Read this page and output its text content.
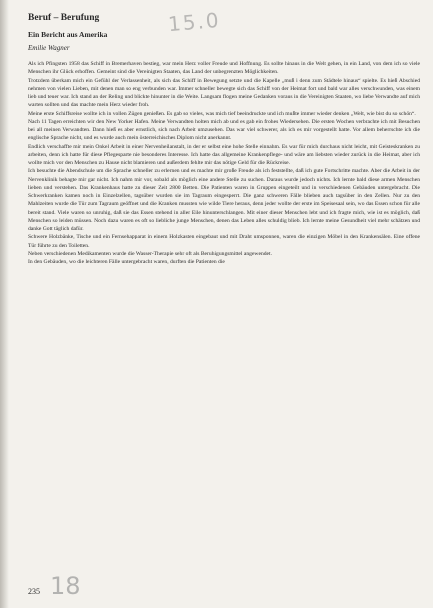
15.0
Beruf – Berufung
Ein Bericht aus Amerika
Emilie Wagner

Als ich Pfingsten 1958 das Schiff in Bremerhaven bestieg, war mein Herz voller Freude und Hoffnung. Es sollte hinaus in die Welt gehen, in ein Land, von dem ich so viele Menschen ihr Glück erhoffen. Gemeint sind die Vereinigten Staaten, das Land der unbegrenzten Möglichkeiten.

Trotzdem überkam mich ein Gefühl der Verlassenheit, als sich das Schiff in Bewegung setzte und die Kapelle „muß i denn zum Städtele hinaus“ spielte. Es hieß Abschied nehmen von vielen Lieben, mit denen man so eng verbunden war. Immer schneller bewegte sich das Schiff von der Heimat fort und bald war alles verschwunden, was einem lieb und teuer war. Ich stand an der Reling und blickte hinunter in die Weite. Langsam flogen meine Gedanken voraus in die Vereinigten Staaten, wo liebe Verwandte auf mich warten sollten und das machte mein Herz wieder froh.

Meine erste Schiffsreise wollte ich in vollen Zügen genießen. Es gab so vieles, was mich tief beeindruckte und ich mußte immer wieder denken „Welt, wie bist du so schön“.

Nach 11 Tagen erreichten wir den New Yorker Hafen. Meine Verwandten holten mich ab und es gab ein frohes Wiedersehen. Die ersten Wochen verbrachte ich mit Besuchen bei all meinen Verwandten. Dann hieß es aber ernstlich, sich nach Arbeit umzusehen. Das war viel schwerer, als ich es mir vorgestellt hatte. Vor allem beherrschte ich die englische Sprache nicht, und es wurde auch mein österreichisches Diplom nicht anerkannt.

Endlich verschaffte mir mein Onkel Arbeit in einer Nervenheilanstalt, in der er selbst eine hohe Stelle einnahm. Es war für mich durchaus nicht leicht, mit Geisteskranken zu arbeiten, denn ich hatte für diese Pflegesparte nie besonderes Interesse. Ich hatte das allgemeine Krankenpflege- und wäre am liebsten wieder zurück in die Heimat, aber ich wollte mich vor den Menschen zu Hause nicht blamieren und außerdem fehlte mir das nötige Geld für die Rückreise.

Ich besuchte die Abendschule um die Sprache schneller zu erlernen und es machte mir große Freude als ich feststellte, daß ich gute Fortschritte machte. Aber die Arbeit in der Nervenklinik behagte mir gar nicht. Ich nahm mir vor, sobald als möglich eine andere Stelle zu suchen. Daraus wurde jedoch nichts. Ich lernte bald diese armen Menschen lieben und verstehen. Das Krankenhaus hatte zu dieser Zeit 2800 Betten. Die Patienten waren in Gruppen eingeteilt und in verschiedenen Gebäuden untergebracht. Die Schwerkranken kamen noch in Einzelzellen, tagsüber wurden sie im Tagraum eingesperrt. Die ganz schweren Fälle blieben auch tagsüber in den Zellen. Nur zu den Mahlzeiten wurde die Tür zum Tagraum geöffnet und die Kranken mussten wie wilde Tiere heraus, denn jeder wollte der erste im Speisesaal sein, wo das Essen schon für alle bereit stand. Viele waren so unruhig, daß sie das Essen stehend in aller Eile hinunterschlangen. Mit einer dieser Menschen lebt und ich fragte mich, wie ist es möglich, daß Menschen so leiden müssen. Noch dazu waren es oft so liebliche junge Menschen, denen das Leben alles schuldig blieb. Ich lernte meine Gesundheit viel mehr schätzen und danke Gott täglich dafür.

Schwere Holzbänke, Tische und ein Fernsehapparat in einem Holzkasten eingebaut und mit Draht umsponnen, waren die einzigen Möbel in den Krankensälen. Eine offene Tür führte zu den Toiletten.

Neben verschiedenen Medikamenten wurde die Wasser-Therapie sehr oft als Beruhigungsmittel angewendet.

In den Gebäuden, wo die leichteren Fälle untergebracht waren, durften die Patienten die

235 18
